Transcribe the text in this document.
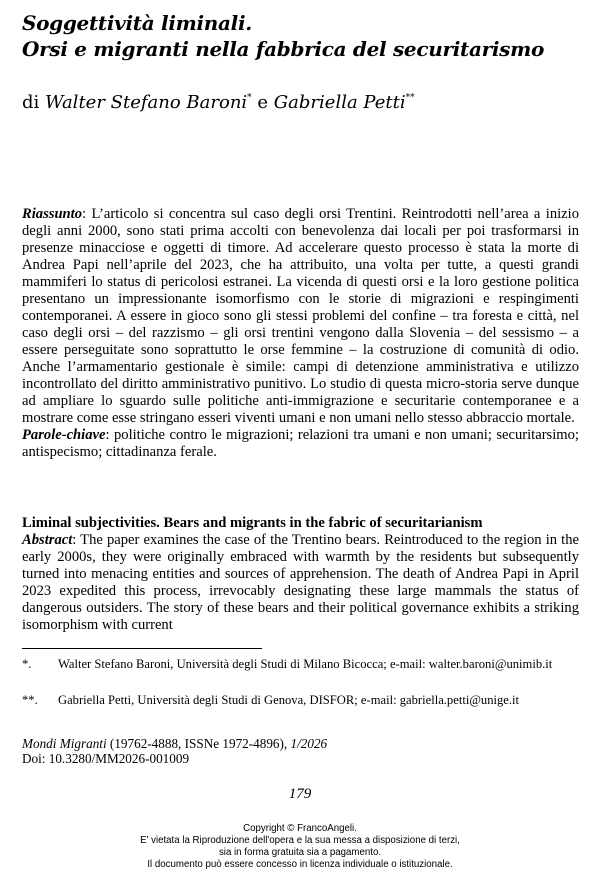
Soggettività liminali.
Orsi e migranti nella fabbrica del securitarismo
di Walter Stefano Baroni* e Gabriella Petti**
Riassunto: L’articolo si concentra sul caso degli orsi Trentini. Reintrodotti nell’area a inizio degli anni 2000, sono stati prima accolti con benevolenza dai locali per poi trasformarsi in presenze minacciose e oggetti di timore. Ad accelerare questo processo è stata la morte di Andrea Papi nell’aprile del 2023, che ha attribuito, una volta per tutte, a questi grandi mammiferi lo status di pericolosi estranei. La vicenda di questi orsi e la loro gestione politica presentano un impressionante isomorfismo con le storie di migrazioni e respingimenti contemporanei. A essere in gioco sono gli stessi problemi del confine – tra foresta e città, nel caso degli orsi – del razzismo – gli orsi trentini vengono dalla Slovenia – del sessismo – a essere perseguitate sono soprattutto le orse femmine – la costruzione di comunità di odio. Anche l’armamentario gestionale è simile: campi di detenzione amministrativa e utilizzo incontrollato del diritto amministrativo punitivo. Lo studio di questa micro-storia serve dunque ad ampliare lo sguardo sulle politiche anti-immigrazione e securitarie contemporanee e a mostrare come esse stringano esseri viventi umani e non umani nello stesso abbraccio mortale.
Parole-chiave: politiche contro le migrazioni; relazioni tra umani e non umani; securitarsimo; antispecismo; cittadinanza ferale.
Liminal subjectivities. Bears and migrants in the fabric of securitarianism
Abstract: The paper examines the case of the Trentino bears. Reintroduced to the region in the early 2000s, they were originally embraced with warmth by the residents but subsequently turned into menacing entities and sources of apprehension. The death of Andrea Papi in April 2023 expedited this process, irrevocably designating these large mammals the status of dangerous outsiders. The story of these bears and their political governance exhibits a striking isomorphism with current
*. Walter Stefano Baroni, Università degli Studi di Milano Bicocca; e-mail: walter.baroni@unimib.it
**. Gabriella Petti, Università degli Studi di Genova, DISFOR; e-mail: gabriella.petti@unige.it
Mondi Migranti (19762-4888, ISSNe 1972-4896), 1/2026
Doi: 10.3280/MM2026-001009
179
Copyright © FrancoAngeli.
E' vietata la Riproduzione dell'opera e la sua messa a disposizione di terzi,
sia in forma gratuita sia a pagamento.
Il documento può essere concesso in licenza individuale o istituzionale.
